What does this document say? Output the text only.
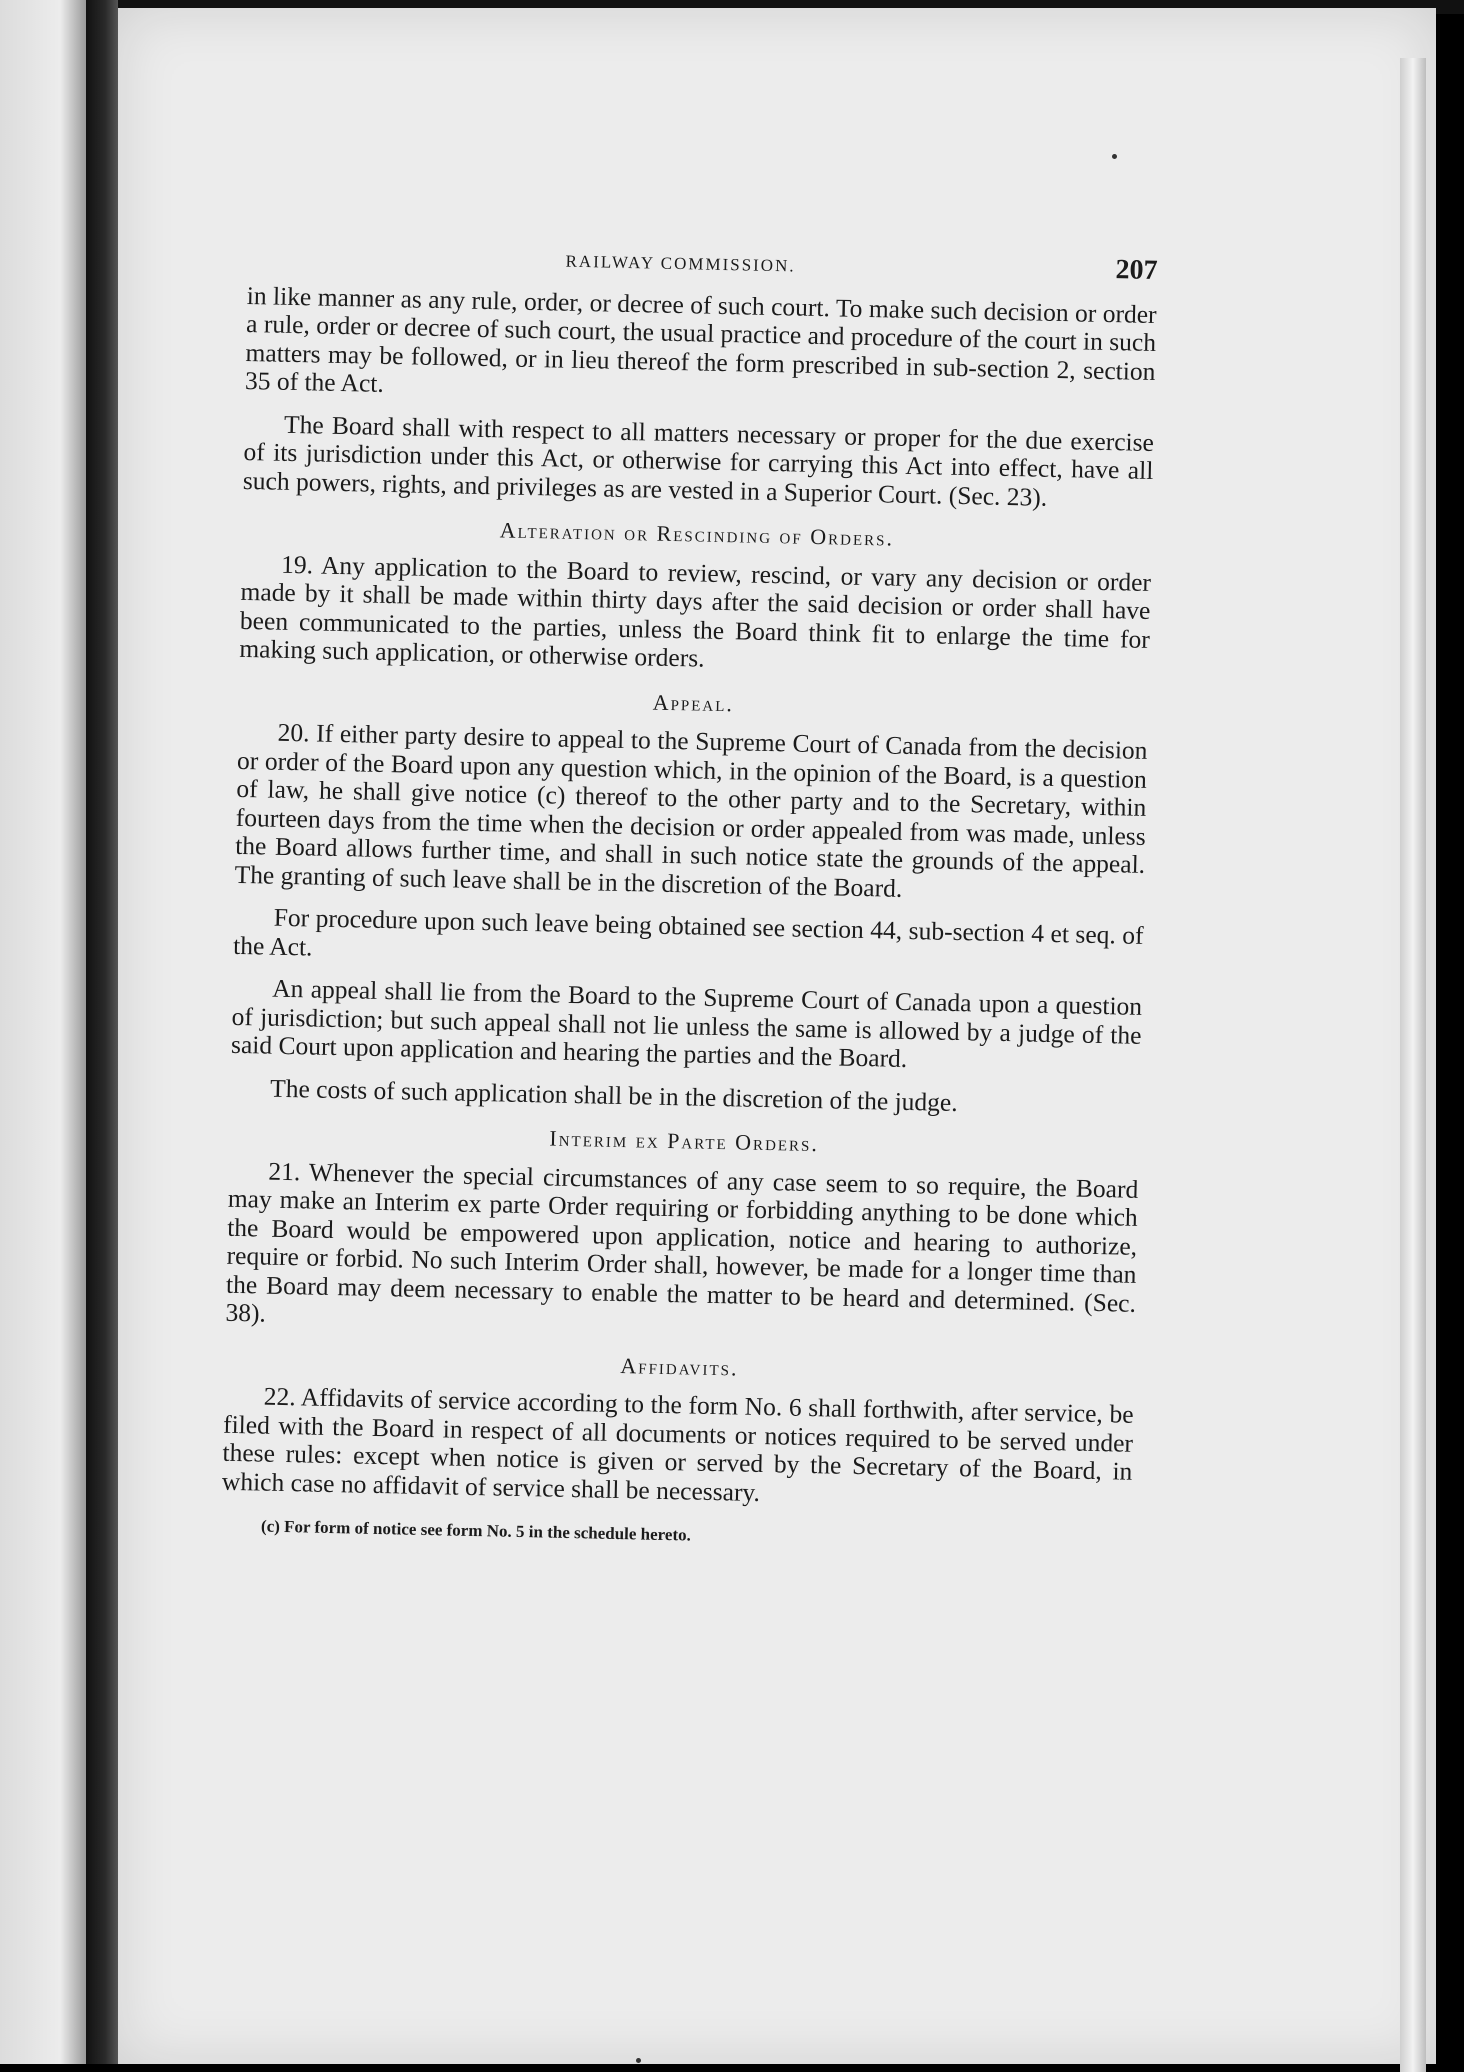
RAILWAY COMMISSION.	207

in like manner as any rule, order, or decree of such court. To make such decision or order a rule, order or decree of such court, the usual practice and procedure of the court in such matters may be followed, or in lieu thereof the form prescribed in sub-section 2, section 35 of the Act.

The Board shall with respect to all matters necessary or proper for the due exercise of its jurisdiction under this Act, or otherwise for carrying this Act into effect, have all such powers, rights, and privileges as are vested in a Superior Court. (Sec. 23).

Alteration or Rescinding of Orders.

19. Any application to the Board to review, rescind, or vary any decision or order made by it shall be made within thirty days after the said decision or order shall have been communicated to the parties, unless the Board think fit to enlarge the time for making such application, or otherwise orders.

Appeal.

20. If either party desire to appeal to the Supreme Court of Canada from the decision or order of the Board upon any question which, in the opinion of the Board, is a question of law, he shall give notice (c) thereof to the other party and to the Secretary, within fourteen days from the time when the decision or order appealed from was made, unless the Board allows further time, and shall in such notice state the grounds of the appeal. The granting of such leave shall be in the discretion of the Board.

For procedure upon such leave being obtained see section 44, sub-section 4 et seq. of the Act.

An appeal shall lie from the Board to the Supreme Court of Canada upon a question of jurisdiction; but such appeal shall not lie unless the same is allowed by a judge of the said Court upon application and hearing the parties and the Board.

The costs of such application shall be in the discretion of the judge.

Interim ex Parte Orders.

21. Whenever the special circumstances of any case seem to so require, the Board may make an Interim ex parte Order requiring or forbidding anything to be done which the Board would be empowered upon application, notice and hearing to authorize, require or forbid. No such Interim Order shall, however, be made for a longer time than the Board may deem necessary to enable the matter to be heard and determined. (Sec. 38).

Affidavits.

22. Affidavits of service according to the form No. 6 shall forthwith, after service, be filed with the Board in respect of all documents or notices required to be served under these rules: except when notice is given or served by the Secretary of the Board, in which case no affidavit of service shall be necessary.

(c) For form of notice see form No. 5 in the schedule hereto.
